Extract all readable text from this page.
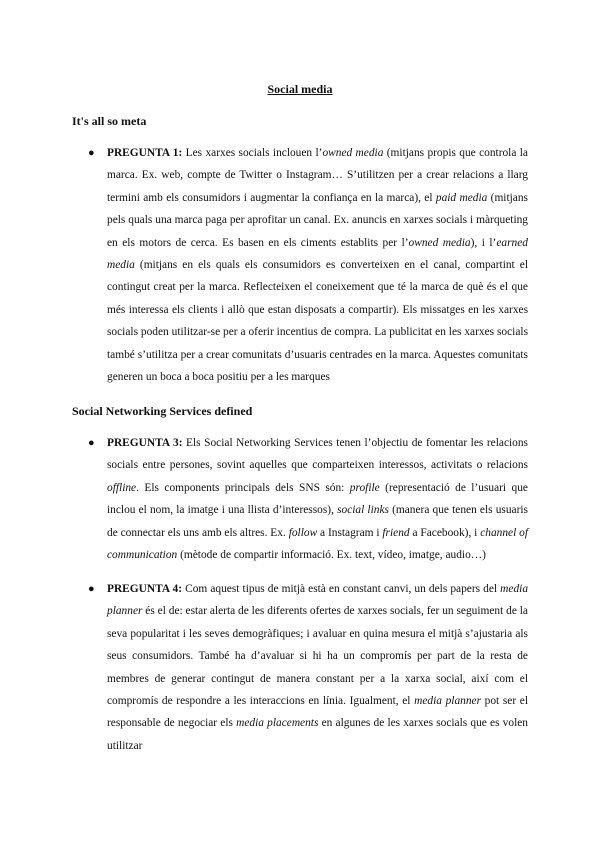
Social media
It's all so meta
● PREGUNTA 1: Les xarxes socials inclouen l’owned media (mitjans propis que controla la marca. Ex. web, compte de Twitter o Instagram… S’utilitzen per a crear relacions a llarg termini amb els consumidors i augmentar la confiança en la marca), el paid media (mitjans pels quals una marca paga per aprofitar un canal. Ex. anuncis en xarxes socials i màrqueting en els motors de cerca. Es basen en els ciments establits per l’owned media), i l’earned media (mitjans en els quals els consumidors es converteixen en el canal, compartint el contingut creat per la marca. Reflecteixen el coneixement que té la marca de què és el que més interessa els clients i allò que estan disposats a compartir). Els missatges en les xarxes socials poden utilitzar-se per a oferir incentius de compra. La publicitat en les xarxes socials també s’utilitza per a crear comunitats d’usuaris centrades en la marca. Aquestes comunitats generen un boca a boca positiu per a les marques
Social Networking Services defined
● PREGUNTA 3: Els Social Networking Services tenen l’objectiu de fomentar les relacions socials entre persones, sovint aquelles que comparteixen interessos, activitats o relacions offline. Els components principals dels SNS són: profile (representació de l’usuari que inclou el nom, la imatge i una llista d’interessos), social links (manera que tenen els usuaris de connectar els uns amb els altres. Ex. follow a Instagram i friend a Facebook), i channel of communication (mètode de compartir informació. Ex. text, vídeo, imatge, audio…)
● PREGUNTA 4: Com aquest tipus de mitjà està en constant canvi, un dels papers del media planner és el de: estar alerta de les diferents ofertes de xarxes socials, fer un seguiment de la seva popularitat i les seves demogràfiques; i avaluar en quina mesura el mitjà s’ajustaria als seus consumidors. També ha d’avaluar si hi ha un compromís per part de la resta de membres de generar contingut de manera constant per a la xarxa social, així com el compromís de respondre a les interaccions en línia. Igualment, el media planner pot ser el responsable de negociar els media placements en algunes de les xarxes socials que es volen utilitzar
